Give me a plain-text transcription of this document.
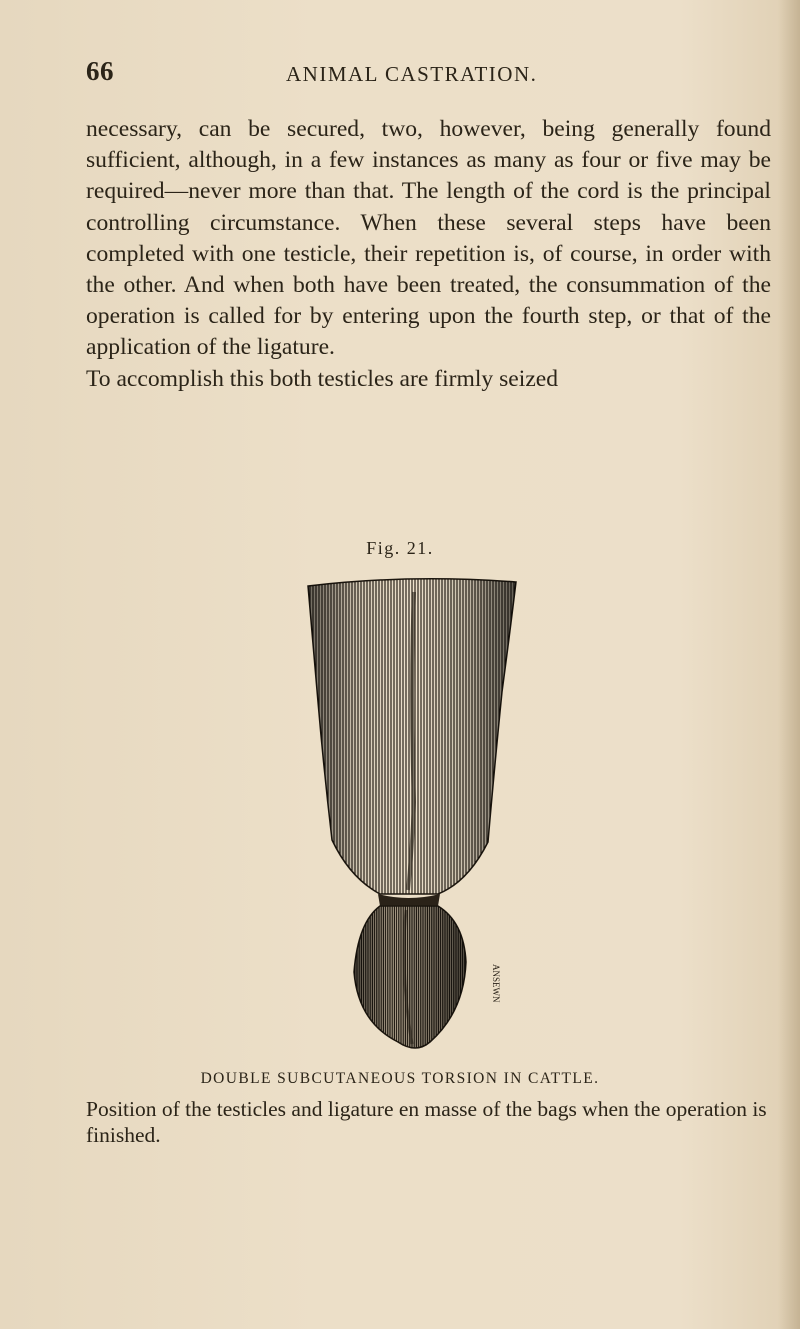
66	ANIMAL CASTRATION.

necessary, can be secured, two, however, being generally found sufficient, although, in a few instances as many as four or five may be required—never more than that. The length of the cord is the principal controlling circumstance. When these several steps have been completed with one testicle, their repetition is, of course, in order with the other. And when both have been treated, the consummation of the operation is called for by entering upon the fourth step, or that of the application of the ligature.

To accomplish this both testicles are firmly seized

Fig. 21.
ANSEWN
DOUBLE SUBCUTANEOUS TORSION IN CATTLE.
Position of the testicles and ligature en masse of the bags when the operation is finished.
